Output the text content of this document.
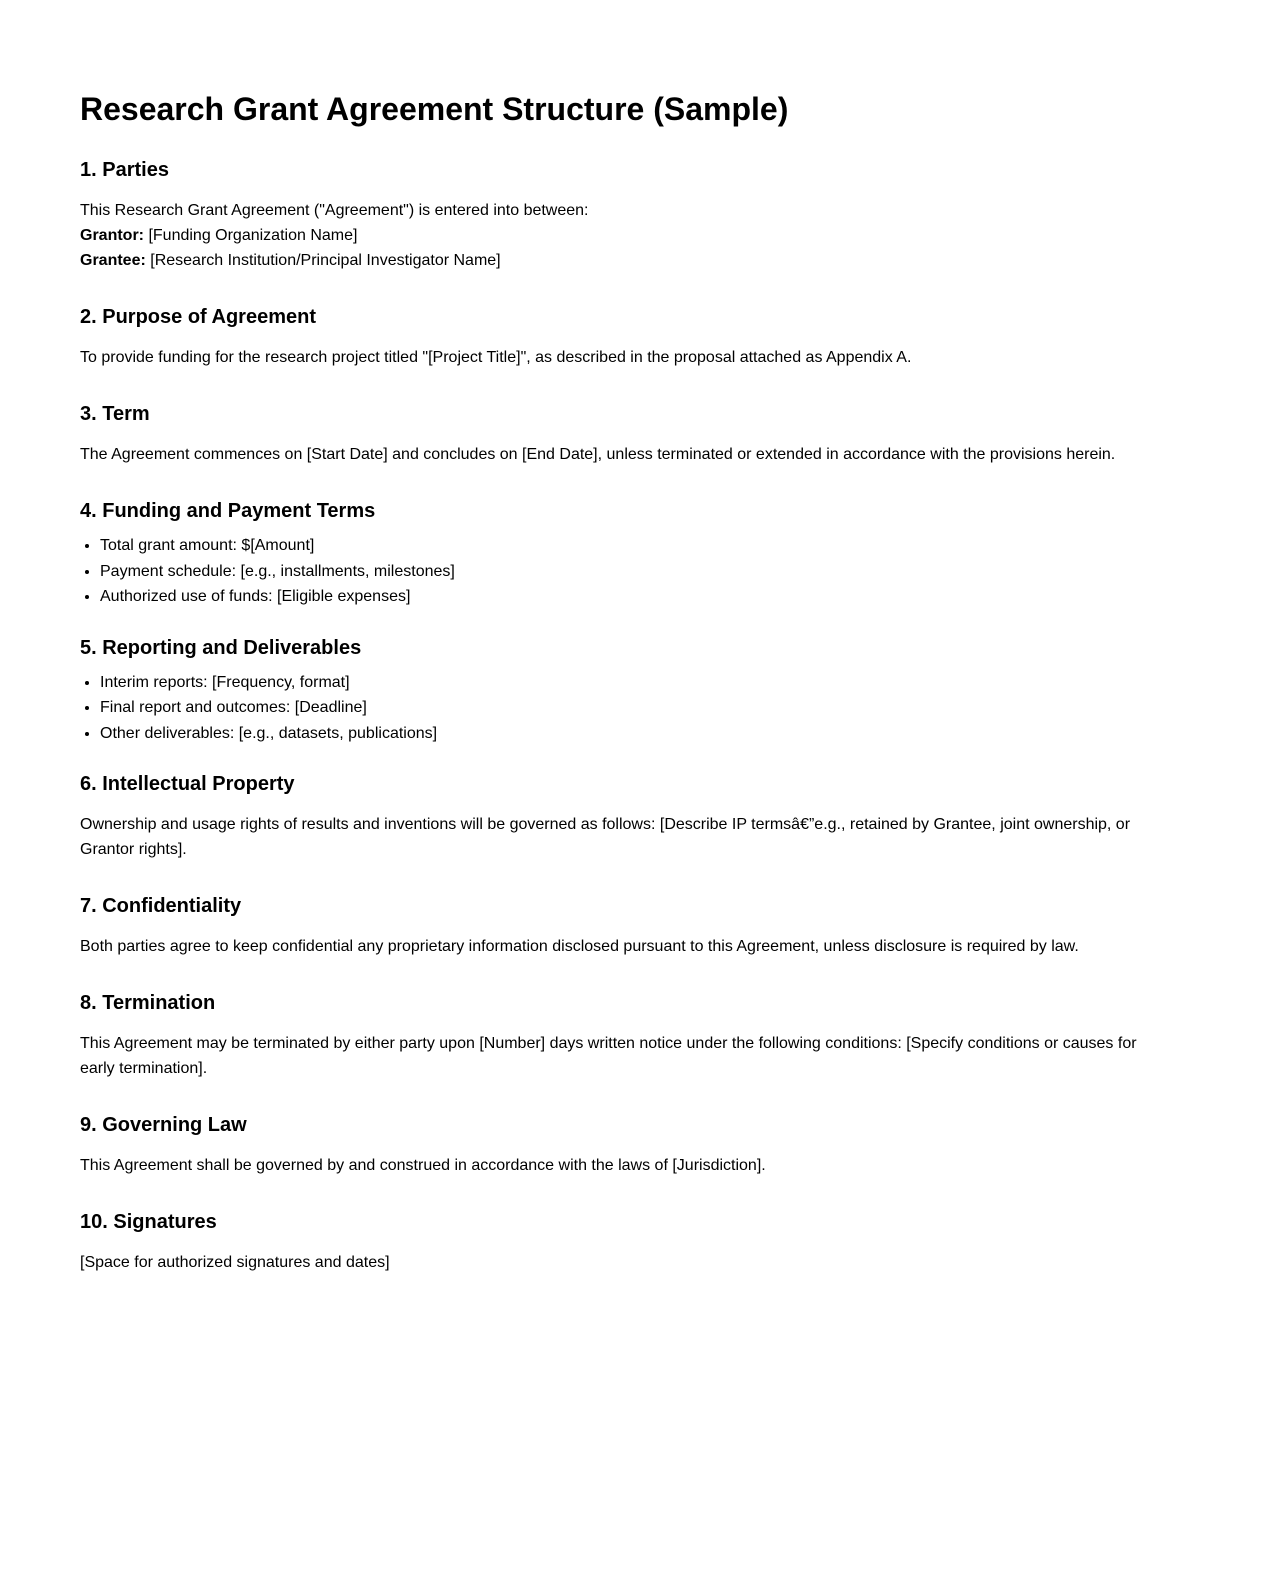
Research Grant Agreement Structure (Sample)
1. Parties
This Research Grant Agreement ("Agreement") is entered into between:
Grantor: [Funding Organization Name]
Grantee: [Research Institution/Principal Investigator Name]
2. Purpose of Agreement

To provide funding for the research project titled "[Project Title]", as described in the proposal attached as Appendix A.

3. Term

The Agreement commences on [Start Date] and concludes on [End Date], unless terminated or extended in accordance with the provisions herein.

4. Funding and Payment Terms
• Total grant amount: $[Amount]
• Payment schedule: [e.g., installments, milestones]
• Authorized use of funds: [Eligible expenses]
5. Reporting and Deliverables
• Interim reports: [Frequency, format]
• Final report and outcomes: [Deadline]
• Other deliverables: [e.g., datasets, publications]
6. Intellectual Property

Ownership and usage rights of results and inventions will be governed as follows: [Describe IP termsâ€”e.g., retained by Grantee, joint ownership, or Grantor rights].

7. Confidentiality

Both parties agree to keep confidential any proprietary information disclosed pursuant to this Agreement, unless disclosure is required by law.

8. Termination

This Agreement may be terminated by either party upon [Number] days written notice under the following conditions: [Specify conditions or causes for early termination].

9. Governing Law

This Agreement shall be governed by and construed in accordance with the laws of [Jurisdiction].

10. Signatures

[Space for authorized signatures and dates]
